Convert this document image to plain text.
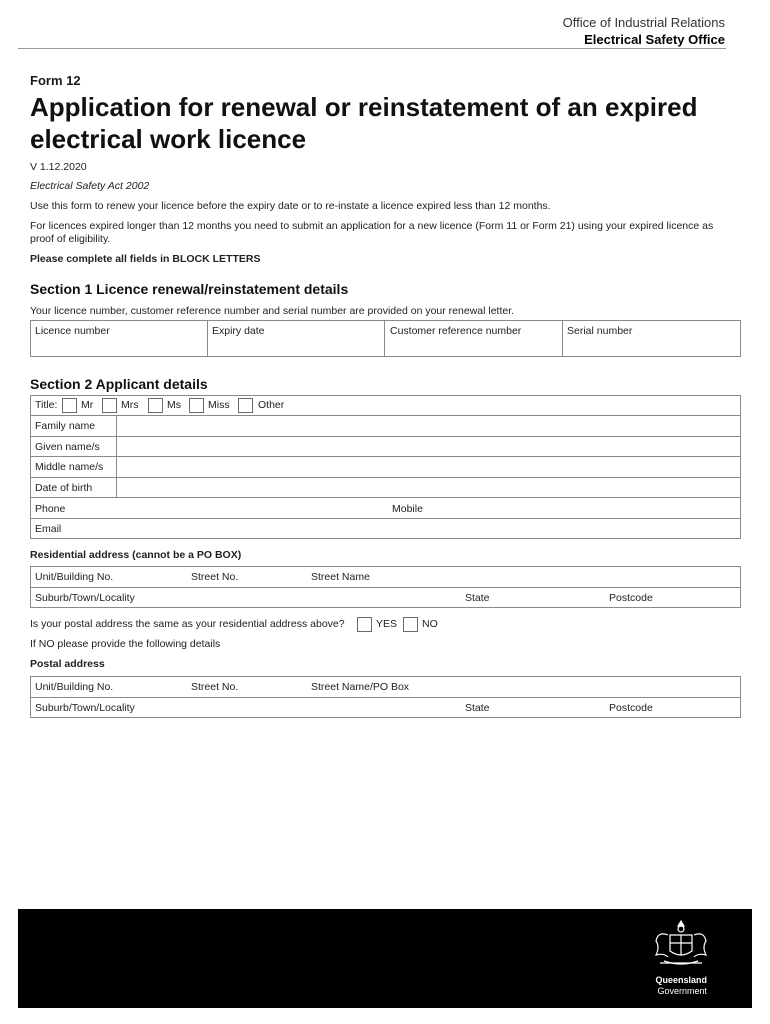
Office of Industrial Relations
Electrical Safety Office
Form 12
Application for renewal or reinstatement of an expired electrical work licence
V 1.12.2020
Electrical Safety Act 2002
Use this form to renew your licence before the expiry date or to re-instate a licence expired less than 12 months.
For licences expired longer than 12 months you need to submit an application for a new licence (Form 11 or Form 21) using your expired licence as proof of eligibility.
Please complete all fields in BLOCK LETTERS
Section 1 Licence renewal/reinstatement details
Your licence number, customer reference number and serial number are provided on your renewal letter.
Licence number	Expiry date	Customer reference number	Serial number
Section 2 Applicant details
Title: Mr	Mrs	Ms	Miss	Other
Family name
Given name/s
Middle name/s
Date of birth
Phone	Mobile
Email
Residential address (cannot be a PO BOX)
Unit/Building No.	Street No.	Street Name
Suburb/Town/Locality	State	Postcode
Is your postal address the same as your residential address above?	YES NO
If NO please provide the following details
Postal address
Unit/Building No.	Street No.	Street Name/PO Box
Suburb/Town/Locality	State	Postcode
Queensland
Government
